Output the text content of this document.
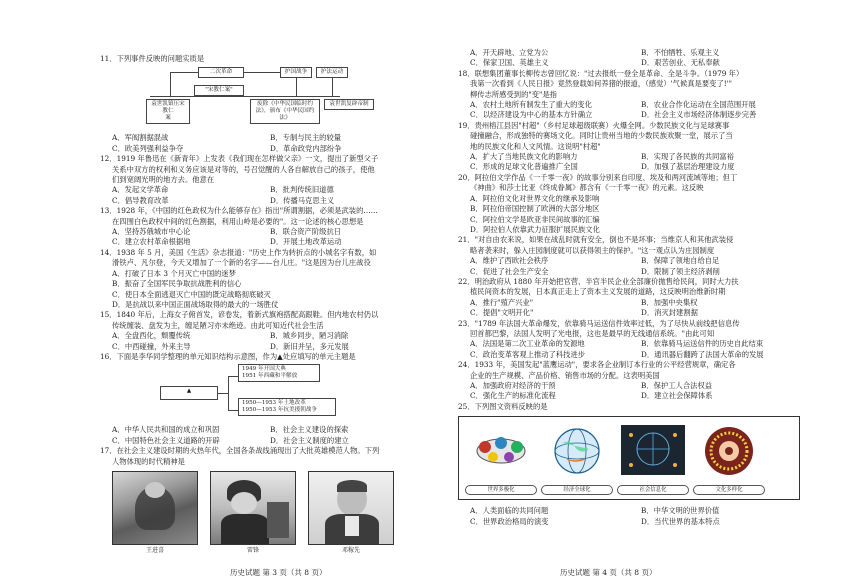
11．下列事件反映的问题实质是
二次革命	护国战争	护法运动
袁世凯镇压宋教仁
案
"宋教仁案"
废除《中华民国临时约法》，颁布《中华民国约法》
袁世凯复辟帝制
A．军阀割据混战	B．专制与民主的较量
C．欧美列强利益争夺	D．革命政党内部纷争
12．1919 年鲁迅在《新青年》上发表《我们现在怎样做父亲》一文，提出了新型父子
关系中双方的权利和义务应该是对等的，号召觉醒的人各自解放自己的孩子，使他
们到宽阔光明的地方去。他意在
A．发起文学革命	B．批判传统旧道德
C．倡导教育改革	D．传播马克思主义
13．1928 年，《中国的红色政权为什么能够存在》指出"所谓割据，必须是武装的……
在四围白色政权中间的红色割据，利用山岭是必要的"。这一论述的核心思想是
A．坚持苏俄城市中心论	B．联合资产阶级抗日
C．建立农村革命根据地	D．开展土地改革运动
14．1938 年 5 月，美国《生活》杂志报道："历史上作为转折点的小城名字有数，如
滑铁卢、凡尔登，今天又增加了一个新的名字——台儿庄。"这是因为台儿庄战役
A．打破了日本 3 个月灭亡中国的迷梦
B．振奋了全国军民争取抗战胜利的信心
C．使日本全面逃退灭亡中国的既定战略彻底破灭
D．是抗战以来中国正面战场取得的最大的一场胜仗
15．1840 年后，上海女子俯首发，谚卷发，着新式旗袍搭配高跟鞋。但内地农村仍以
传统缠装、盘发为主，缠足陋习亦未绝迹。由此可知近代社会生活
A．全盘西化，颓覆传统	B．城乡同步，陋习消除
C．中西碰撞，外来主导	D．新旧并呈，多元发展
16．下面是李华同学整理的单元知识结构示意图，作为▲处应填写的单元主题是
▲
1949 年开国大典
1951 年西藏和平解放
1950—1953 年土地改革
1950—1953 年抗美援朝战争
A．中华人民共和国的成立和巩固	B．社会主义建设的探索
C．中国特色社会主义道路的开辟	D．社会主义制度的建立
17．在社会主义建设时期的火热年代，全国各条战线涌现出了大批英雄模范人物。下列
人物体现的时代精神是
王进喜	雷锋	邓稼先
历史试题 第 3 页（共 8 页）
A．开天辟地、立党为公	B．不怕牺牲、乐观主义
C．保家卫国、英雄主义	D．艰苦创业、无私奉献
18．联想集团董事长柳传志曾回忆说："过去报纸一登全是革命、全是斗争。（1979 年）
我第一次看到《人民日报》竟然登载如何养猪的报道，（感觉）'气候真是要变了!'"
柳传志所感受到的"变"是指
A．农村土地所有制发生了重大的变化	B．农业合作化运动在全国范围开展
C．以经济建设为中心的基本方针确立	D．社会主义市场经济体制逐步完善
19．贵州榕江县因"村超"（乡村足球超级联赛）火爆全网。少数民族文化与足球赛事
碰撞融合，形成独特的赛场文化。同时让贵州当地的少数民族欢聚一堂，展示了当
地的民族文化和人文风情。这说明"村超"
A．扩大了当地民族文化的影响力	B．实现了各民族的共同富裕
C．形成的足球文化普遍推广全国	D．加强了基层治理建设力度
20．阿拉伯文学作品《一千零一夜》的故事分别来自印度、埃及和两河流域等地；但丁
《神曲》和莎士比亚《终成眷属》都含有《一千零一夜》的元素。这反映
A．阿拉伯文化对世界文化的继承及影响
B．阿拉伯帝国控制了欧洲的大部分地区
C．阿拉伯文学是欧亚非民间故事的汇编
D．阿拉伯人依靠武力征服扩展民族文化
21．"对自由农来说，如果在战乱时就有安全，倒也不是坏事；当维京人和其他武装侵
略者袭来时，躲入庄园制度就可以获得领主的保护。"这一观点认为庄园制度
A．维护了西欧社会秩序	B．保障了领地自给自足
C．促进了社会生产安全	D．限制了领主经济剥削
22．明治政府从 1880 年开始把官营、半官半民企业全部廉价抛售给民间，同时大力扶
植民间资本的发展，日本真正走上了资本主义发展的道路，这反映明治维新时期
A．推行"殖产兴业"	B．加强中央集权
C．提倡"文明开化"	D．消灭封建割据
23．"1789 年法国大革命爆发，依靠骑马运送信件效率过低，为了尽快从前线把信息传
回首都巴黎，法国人发明了光电报，这也是最早的无线通信系统。"由此可知
A．法国是第二次工业革命的发源地	B．依靠骑马运送信件的历史自此结束
C．政治变革客观上推动了科技进步	D．通讯器后翻跨了法国大革命的发展
24．1933 年，美国发起"蓝鹰运动"，要求各企业制订本行业的公平经营规章，确定各
企业的生产规模、产品价格、销售市场的分配。这表明美国
A．加强政府对经济的干预	B．保护工人合法权益
C．强化生产的标准化流程	D．建立社会保障体系
25．下列图文资料反映的是
世界多极化	经济全球化	社会信息化	文化多样化
A．人类面临的共同问题	B．中华文明的世界价值
C．世界政治格局的演变	D．当代世界的基本特点
历史试题 第 4 页（共 8 页）
